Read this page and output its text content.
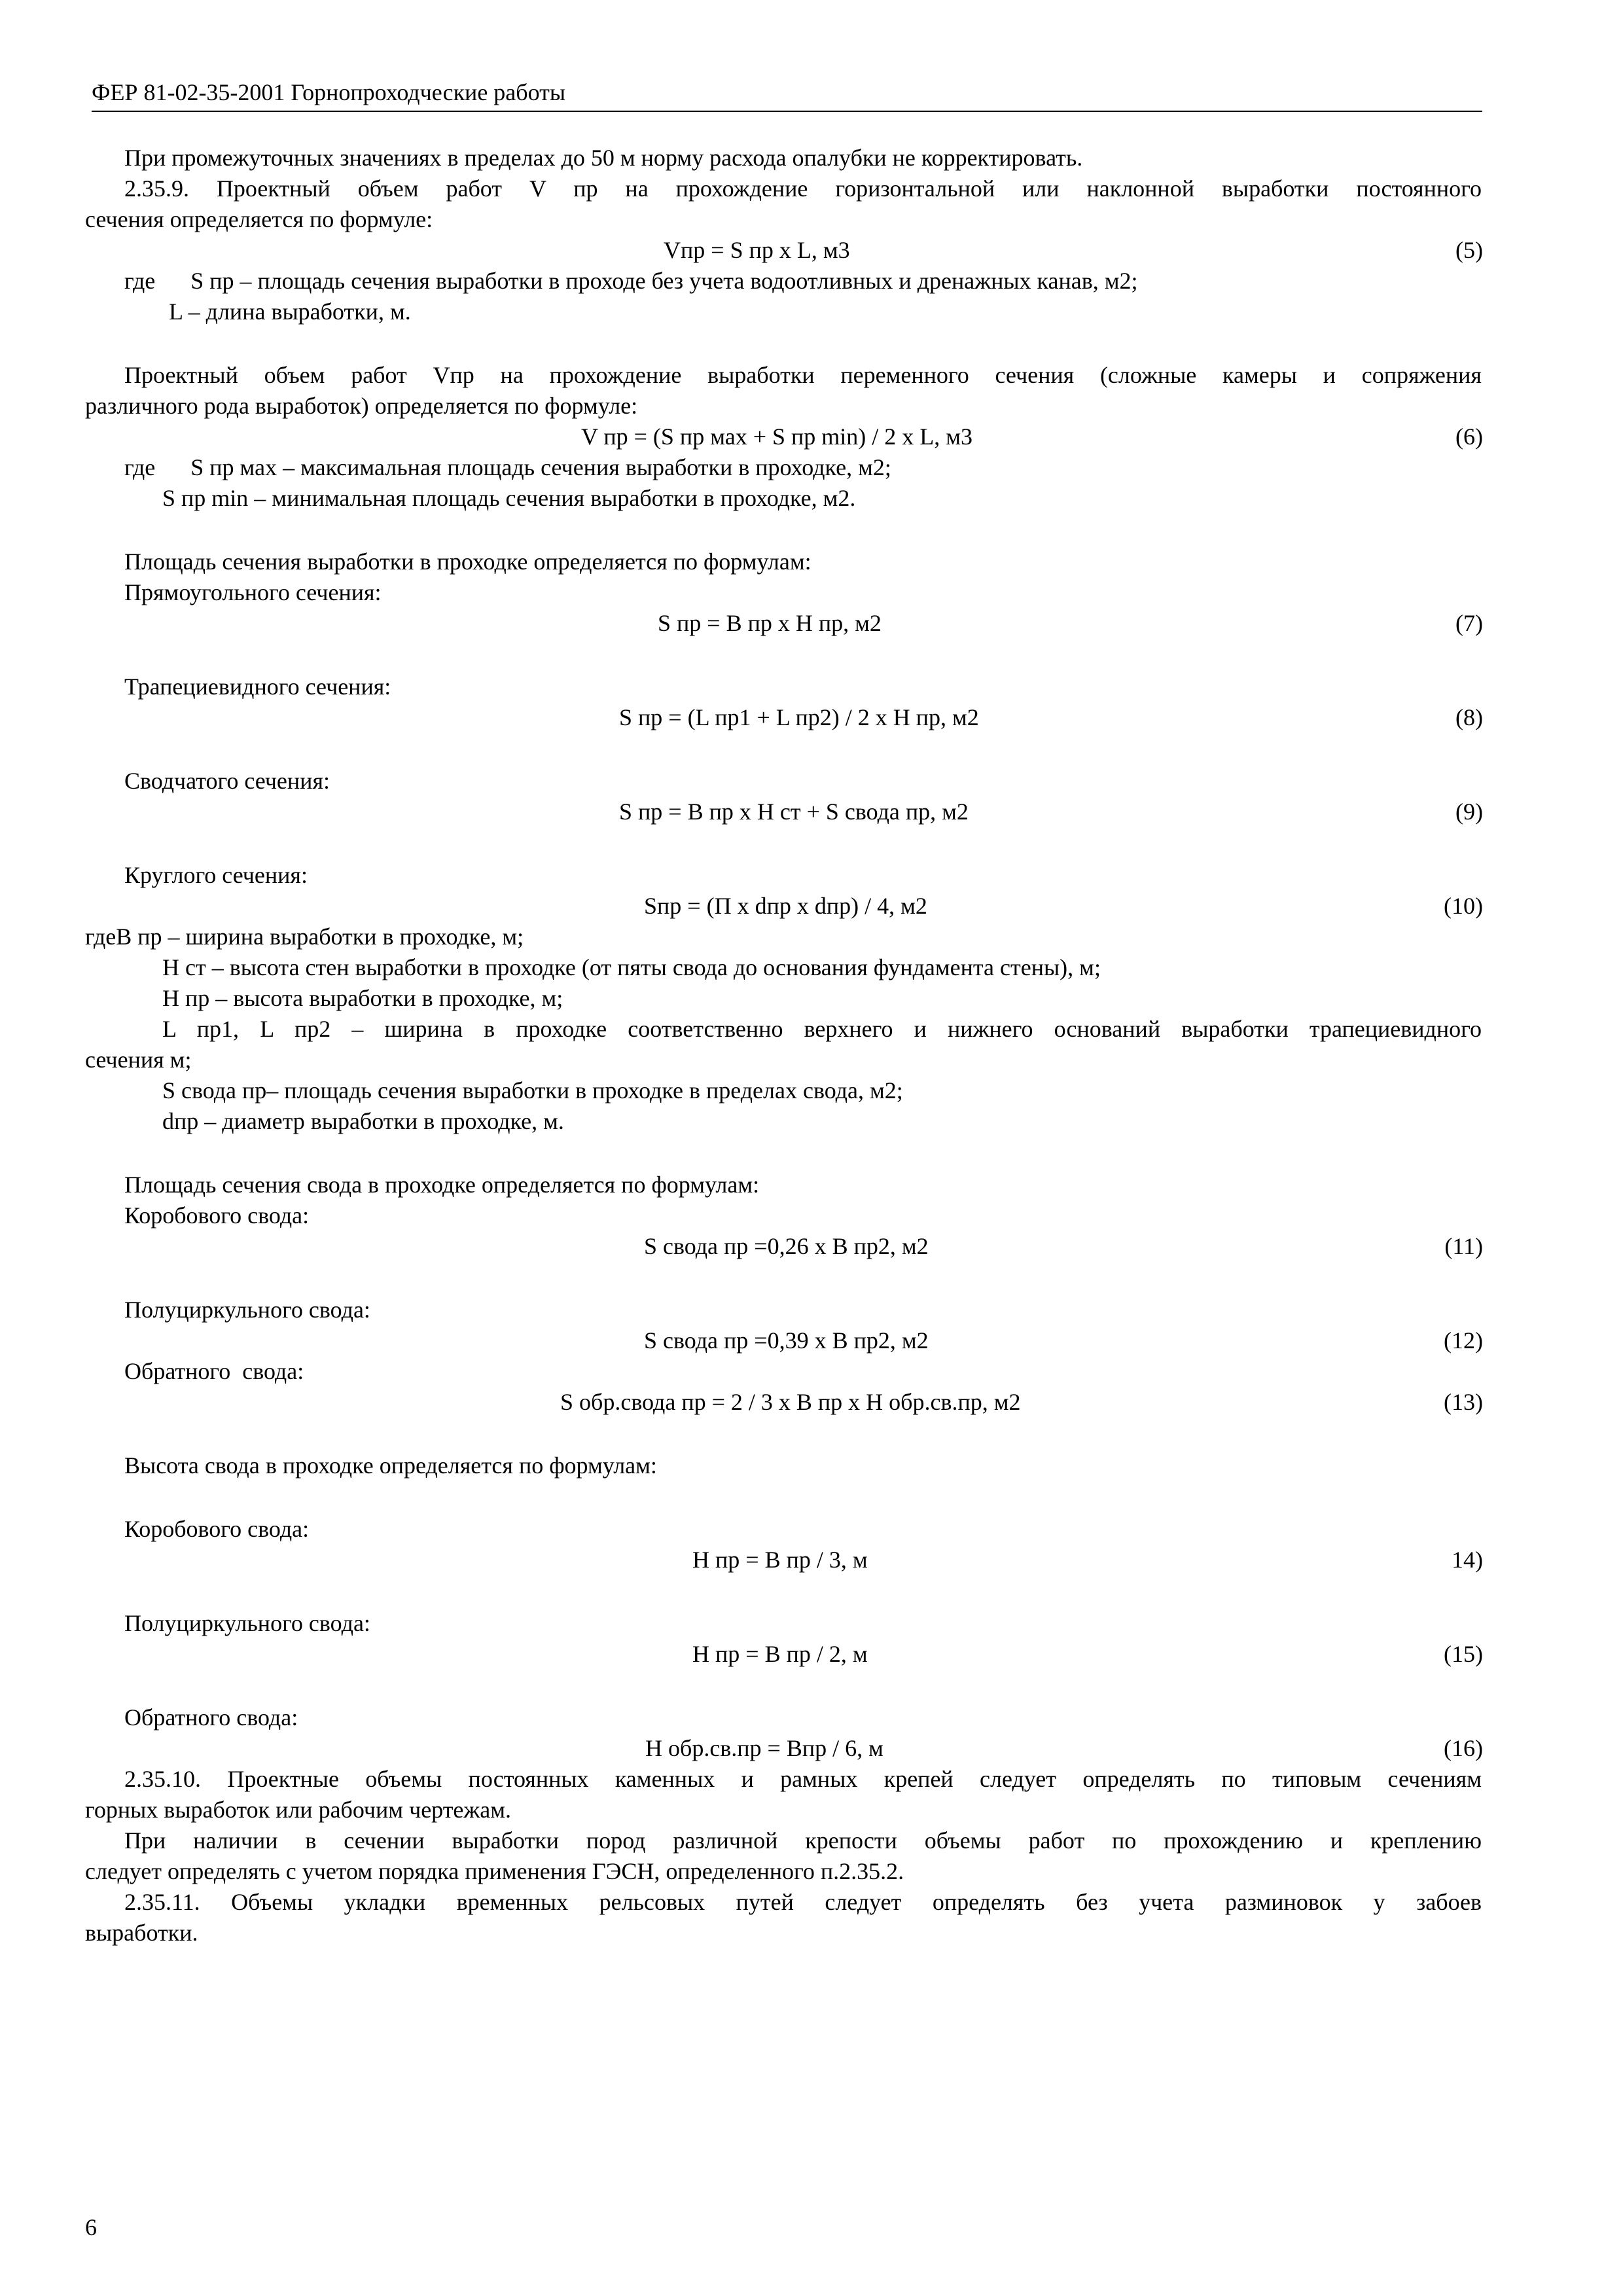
ФЕР 81-02-35-2001 Горнопроходческие работы
При промежуточных значениях в пределах до 50 м норму расхода опалубки не корректировать.
2.35.9. Проектный объем работ V пр на прохождение горизонтальной или наклонной выработки постоянного
сечения определяется по формуле:
Vпр = S пр х L, м3	(5)
где      S пр – площадь сечения выработки в проходе без учета водоотливных и дренажных канав, м2;
L – длина выработки, м.
Проектный объем работ Vпр на прохождение выработки переменного сечения (сложные камеры и сопряжения
различного рода выработок) определяется по формуле:
V пр = (S пр мах + S пр min) / 2 х L, м3	(6)
где      S пр мах – максимальная площадь сечения выработки в проходке, м2;
S пр min – минимальная площадь сечения выработки в проходке, м2.
Площадь сечения выработки в проходке определяется по формулам:
Прямоугольного сечения:
S пр = B пр х Н пр, м2	(7)
Трапециевидного сечения:
S пр = (L пр1 + L пр2) / 2 х Н пр, м2	(8)
Сводчатого сечения:
S пр = B пр х Н ст + S свода пр, м2	(9)
Круглого сечения:
Sпр = (П х dпр х dпр) / 4, м2	(10)
гдеB пр – ширина выработки в проходке, м;
Н ст – высота стен выработки в проходке (от пяты свода до основания фундамента стены), м;
Н пр – высота выработки в проходке, м;
L пр1, L пр2 – ширина в проходке соответственно верхнего и нижнего оснований выработки трапециевидного
сечения м;
S свода пр– площадь сечения выработки в проходке в пределах свода, м2;
dпр – диаметр выработки в проходке, м.
Площадь сечения свода в проходке определяется по формулам:
Коробового свода:
S свода пр =0,26 х B пр2, м2	(11)
Полуциркульного свода:
S свода пр =0,39 х B пр2, м2	(12)
Обратного  свода:
S обр.свода пр = 2 / 3 х B пр х Н обр.св.пр, м2	(13)
Высота свода в проходке определяется по формулам:
Коробового свода:
Н пр = B пр / 3, м	14)
Полуциркульного свода:
Н пр = B пр / 2, м	(15)
Обратного свода:
Н обр.св.пр = Bпр / 6, м	(16)
2.35.10. Проектные объемы постоянных каменных и рамных крепей следует определять по типовым сечениям
горных выработок или рабочим чертежам.
При наличии в сечении выработки пород различной крепости объемы работ по прохождению и креплению
следует определять с учетом порядка применения ГЭСН, определенного п.2.35.2.
2.35.11. Объемы укладки временных рельсовых путей следует определять без учета разминовок у забоев
выработки.
6
